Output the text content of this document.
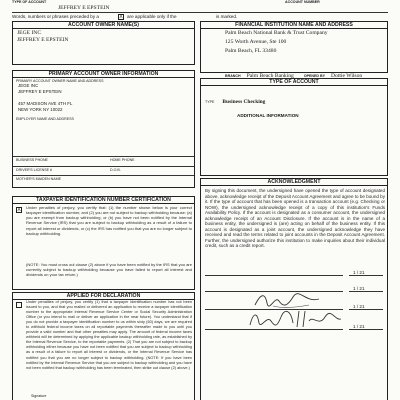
TYPE OF ACCOUNT	ACCOUNT NUMBER
JEFFREY E EPSTEIN
Words, numbers or phrases preceded by a	X are applicable only if the	is marked.
ACCOUNT OWNER NAME(S)
JEGE INC
JEFFREY E EPSTEIN
FINANCIAL INSTITUTION NAME AND ADDRESS
Palm Beach National Bank & Trust Company
125 Worth Avenue, Ste 100
Palm Beach, FL 33480
BRANCH Palm Beach Banking	OPENED BY Dottie Wilson
PRIMARY ACCOUNT OWNER INFORMATION
PRIMARY ACCOUNT OWNER NAME AND ADDRESS
JEGE INC
JEFFREY E EPSTEIN
457 MADISON AVE 4TH FL
NEW YORK NY 10022
EMPLOYER NAME AND ADDRESS
BUSINESS PHONE	HOME PHONE
DRIVER'S LICENSE #	D.O.B.
MOTHER'S MAIDEN NAME
TYPE OF ACCOUNT
TYPE Business Checking
ADDITIONAL INFORMATION
TAXPAYER IDENTIFICATION NUMBER CERTIFICATION
X	Under penalties of perjury, you certify that: (1) the number shown below is your correct taxpayer identification number, and (2) you are not subject to backup withholding because: (a) you are exempt from backup withholding, or (b) you have not been notified by the Internal Revenue Service (IRS) that you are subject to backup withholding as a result of a failure to report all interest or dividends, or (c) the IRS has notified you that you are no longer subject to backup withholding.
(NOTE: You must cross out clause (2) above if you have been notified by the IRS that you are currently subject to backup withholding because you have failed to report all interest and dividends on your tax return.)
APPLIED FOR DECLARATION
Under penalties of perjury, you certify (1) that a taxpayer identification number has not been issued to you, and that you mailed or delivered an application to receive a taxpayer identification number to the appropriate Internal Revenue Service Center or Social Security Administration Office (or you intend to mail or deliver an application in the near future). You understand that if you do not provide a taxpayer identification number to us within sixty (60) days, we are required to withhold federal income taxes on all reportable payments thereafter made to you until you provide a valid number and that other penalties may apply. The amount of federal income taxes withheld will be determined by applying the applicable backup withholding rate, as established by the Internal Revenue Service, to the reportable payments. (2) That you are not subject to backup withholding either because you have not been notified that you are subject to backup withholding as a result of a failure to report all interest or dividends, or the Internal Revenue Service has notified you that you are no longer subject to backup withholding. (NOTE: If you have been notified by the Internal Revenue Service that you are subject to backup withholding and you have not been notified that backup withholding has been terminated, then strike out clause (2) above.)
Signature
ACKNOWLEDGMENT
By signing this document, the undersigned have opened the type of account designated above, acknowledge receipt of the Deposit Account Agreement and agree to be bound by it. If the type of account that has been opened is a transaction account (e.g. Checking or NOW), the undersigned acknowledge receipt of a copy of this institution's Funds Availability Policy. If the account is designated as a consumer account, the undersigned acknowledge receipt of an Account Disclosure. If the account is in the name of a business entity, the undersigned is (are) acting on behalf of the business entity. If this account is designated as a joint account, the undersigned acknowledge they have received and read the terms related to joint accounts in the Deposit Account Agreement. Further, the undersigned authorize this institution to make inquiries about their individual credit, such as a credit report.
1 / 21
1 / 21
1 / 21
1 / 21
